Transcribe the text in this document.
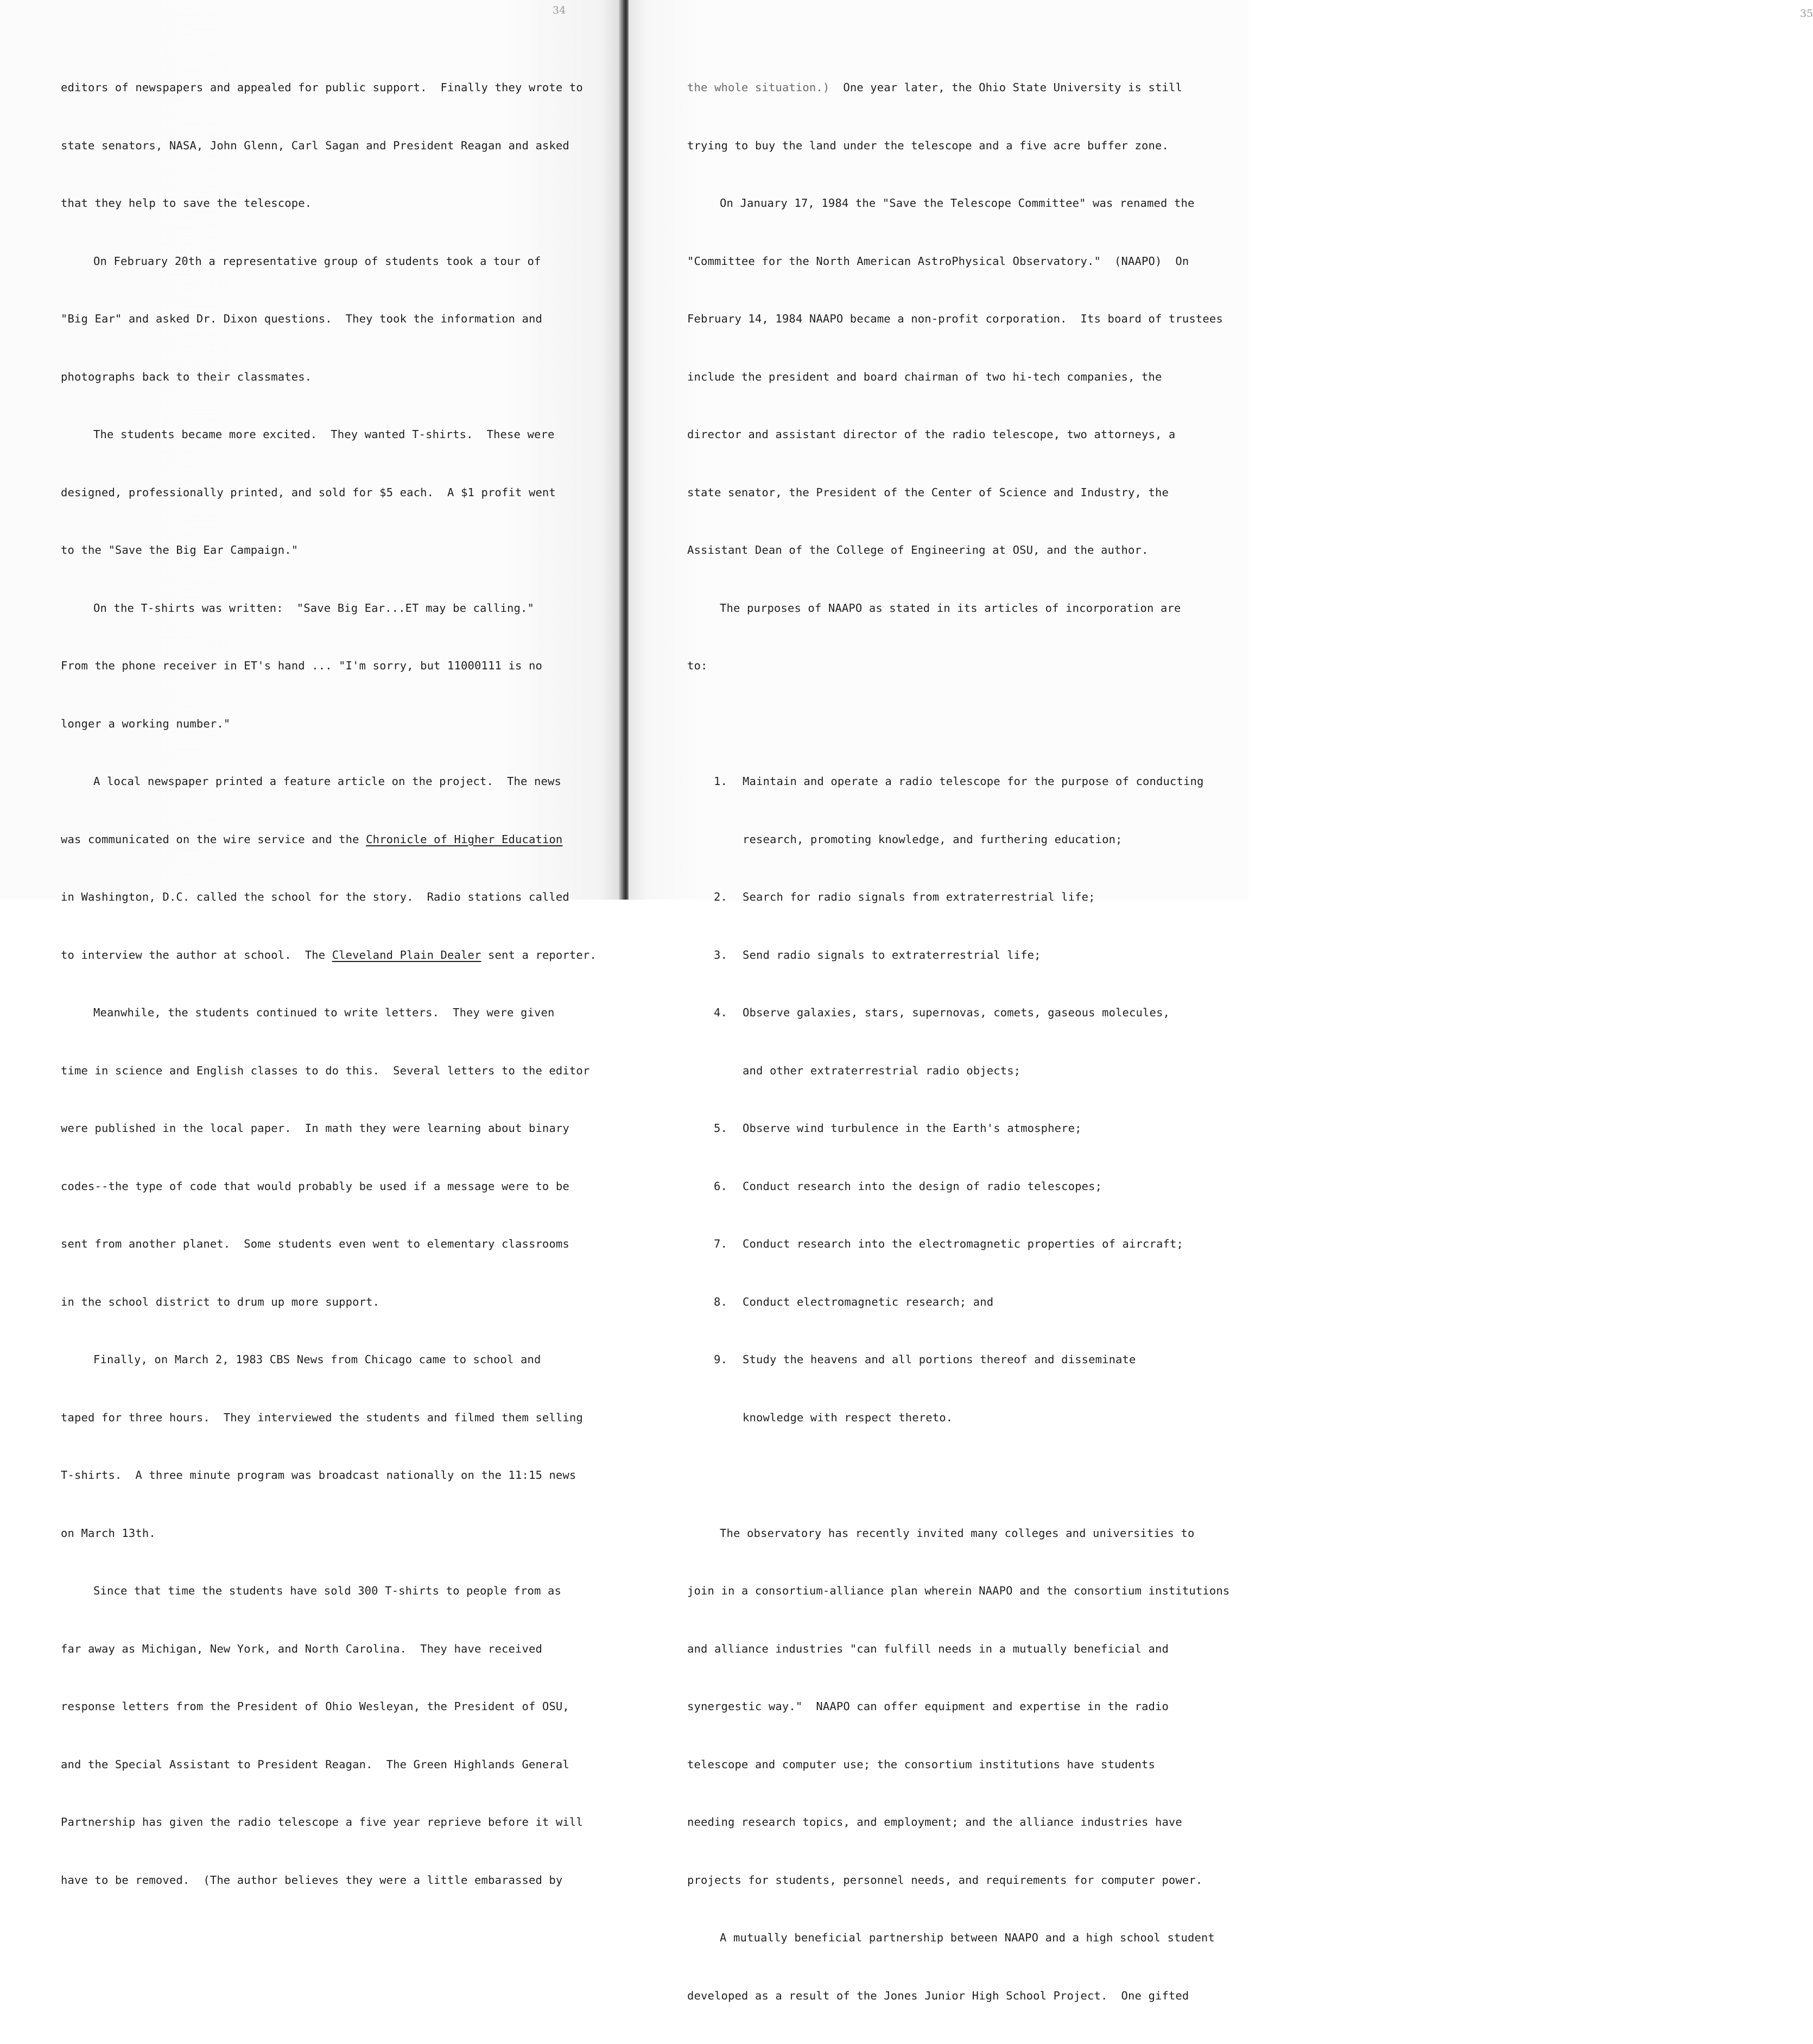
34

editors of newspapers and appealed for public support.  Finally they wrote to

state senators, NASA, John Glenn, Carl Sagan and President Reagan and asked

that they help to save the telescope.

On February 20th a representative group of students took a tour of

"Big Ear" and asked Dr. Dixon questions.  They took the information and

photographs back to their classmates.

The students became more excited.  They wanted T-shirts.  These were

designed, professionally printed, and sold for $5 each.  A $1 profit went

to the "Save the Big Ear Campaign."

On the T-shirts was written:  "Save Big Ear...ET may be calling."

From the phone receiver in ET's hand ... "I'm sorry, but 11000111 is no

longer a working number."

A local newspaper printed a feature article on the project.  The news

was communicated on the wire service and the Chronicle of Higher Education

in Washington, D.C. called the school for the story.  Radio stations called

to interview the author at school.  The Cleveland Plain Dealer sent a reporter.

Meanwhile, the students continued to write letters.  They were given

time in science and English classes to do this.  Several letters to the editor

were published in the local paper.  In math they were learning about binary

codes--the type of code that would probably be used if a message were to be

sent from another planet.  Some students even went to elementary classrooms

in the school district to drum up more support.

Finally, on March 2, 1983 CBS News from Chicago came to school and

taped for three hours.  They interviewed the students and filmed them selling

T-shirts.  A three minute program was broadcast nationally on the 11:15 news

on March 13th.

Since that time the students have sold 300 T-shirts to people from as

far away as Michigan, New York, and North Carolina.  They have received

response letters from the President of Ohio Wesleyan, the President of OSU,

and the Special Assistant to President Reagan.  The Green Highlands General

Partnership has given the radio telescope a five year reprieve before it will

have to be removed.  (The author believes they were a little embarassed by

35

the whole situation.)  One year later, the Ohio State University is still

trying to buy the land under the telescope and a five acre buffer zone.

On January 17, 1984 the "Save the Telescope Committee" was renamed the

"Committee for the North American AstroPhysical Observatory."  (NAAPO)  On

February 14, 1984 NAAPO became a non-profit corporation.  Its board of trustees

include the president and board chairman of two hi-tech companies, the

director and assistant director of the radio telescope, two attorneys, a

state senator, the President of the Center of Science and Industry, the

Assistant Dean of the College of Engineering at OSU, and the author.

The purposes of NAAPO as stated in its articles of incorporation are

to:

1. Maintain and operate a radio telescope for the purpose of conducting

research, promoting knowledge, and furthering education;

2. Search for radio signals from extraterrestrial life;

3. Send radio signals to extraterrestrial life;

4. Observe galaxies, stars, supernovas, comets, gaseous molecules,

and other extraterrestrial radio objects;

5. Observe wind turbulence in the Earth's atmosphere;

6. Conduct research into the design of radio telescopes;

7. Conduct research into the electromagnetic properties of aircraft;

8. Conduct electromagnetic research; and

9. Study the heavens and all portions thereof and disseminate

knowledge with respect thereto.

The observatory has recently invited many colleges and universities to

join in a consortium-alliance plan wherein NAAPO and the consortium institutions

and alliance industries "can fulfill needs in a mutually beneficial and

synergestic way."  NAAPO can offer equipment and expertise in the radio

telescope and computer use; the consortium institutions have students

needing research topics, and employment; and the alliance industries have

projects for students, personnel needs, and requirements for computer power.

A mutually beneficial partnership between NAAPO and a high school student

developed as a result of the Jones Junior High School Project.  One gifted
